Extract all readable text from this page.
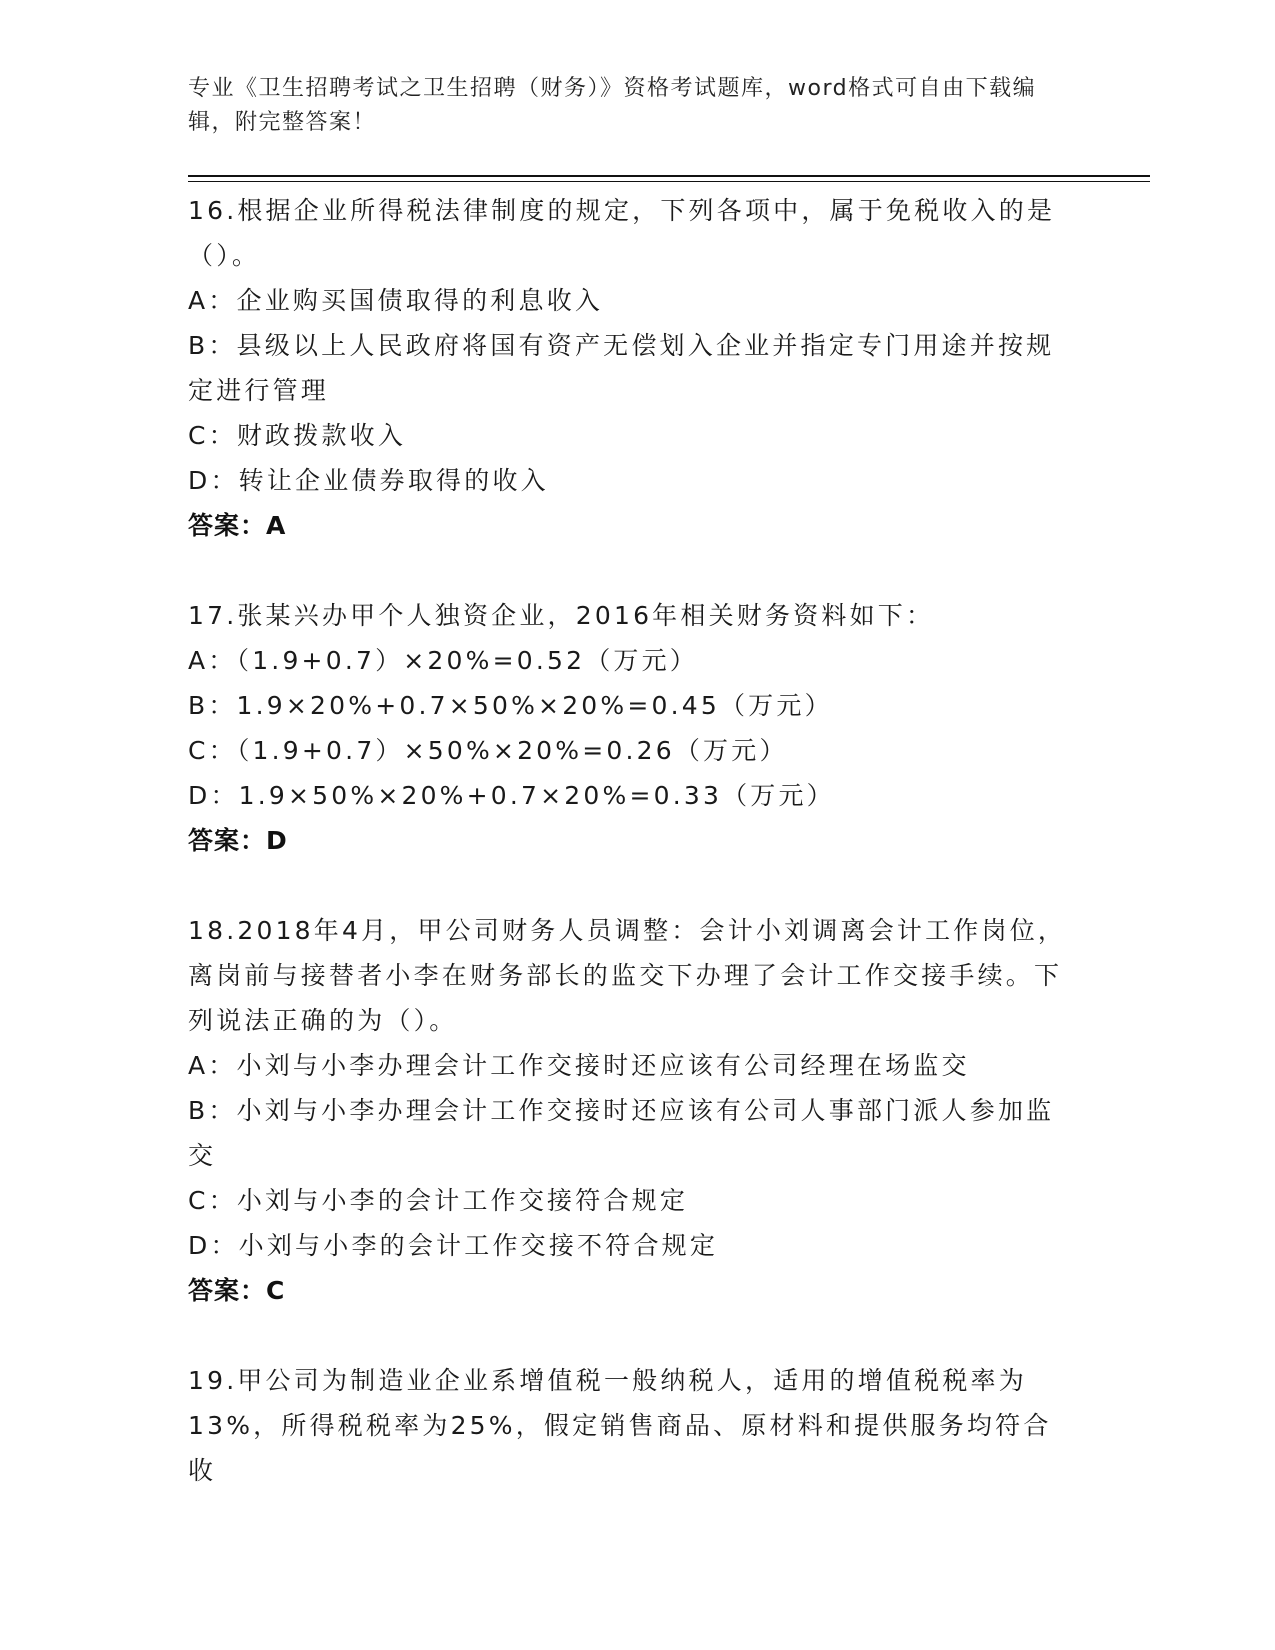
专业《卫生招聘考试之卫生招聘（财务）》资格考试题库，word格式可自由下载编辑，附完整答案！
16.根据企业所得税法律制度的规定，下列各项中，属于免税收入的是（）。
A：企业购买国债取得的利息收入
B：县级以上人民政府将国有资产无偿划入企业并指定专门用途并按规定进行管理
C：财政拨款收入
D：转让企业债券取得的收入
答案：A
17.张某兴办甲个人独资企业，2016年相关财务资料如下：
A：（1.9+0.7）×20%=0.52（万元）
B：1.9×20%+0.7×50%×20%=0.45（万元）
C：（1.9+0.7）×50%×20%=0.26（万元）
D：1.9×50%×20%+0.7×20%=0.33（万元）
答案：D
18.2018年4月，甲公司财务人员调整：会计小刘调离会计工作岗位，离岗前与接替者小李在财务部长的监交下办理了会计工作交接手续。下列说法正确的为（）。
A：小刘与小李办理会计工作交接时还应该有公司经理在场监交
B：小刘与小李办理会计工作交接时还应该有公司人事部门派人参加监交
C：小刘与小李的会计工作交接符合规定
D：小刘与小李的会计工作交接不符合规定
答案：C
19.甲公司为制造业企业系增值税一般纳税人，适用的增值税税率为13%，所得税税率为25%，假定销售商品、原材料和提供服务均符合收
